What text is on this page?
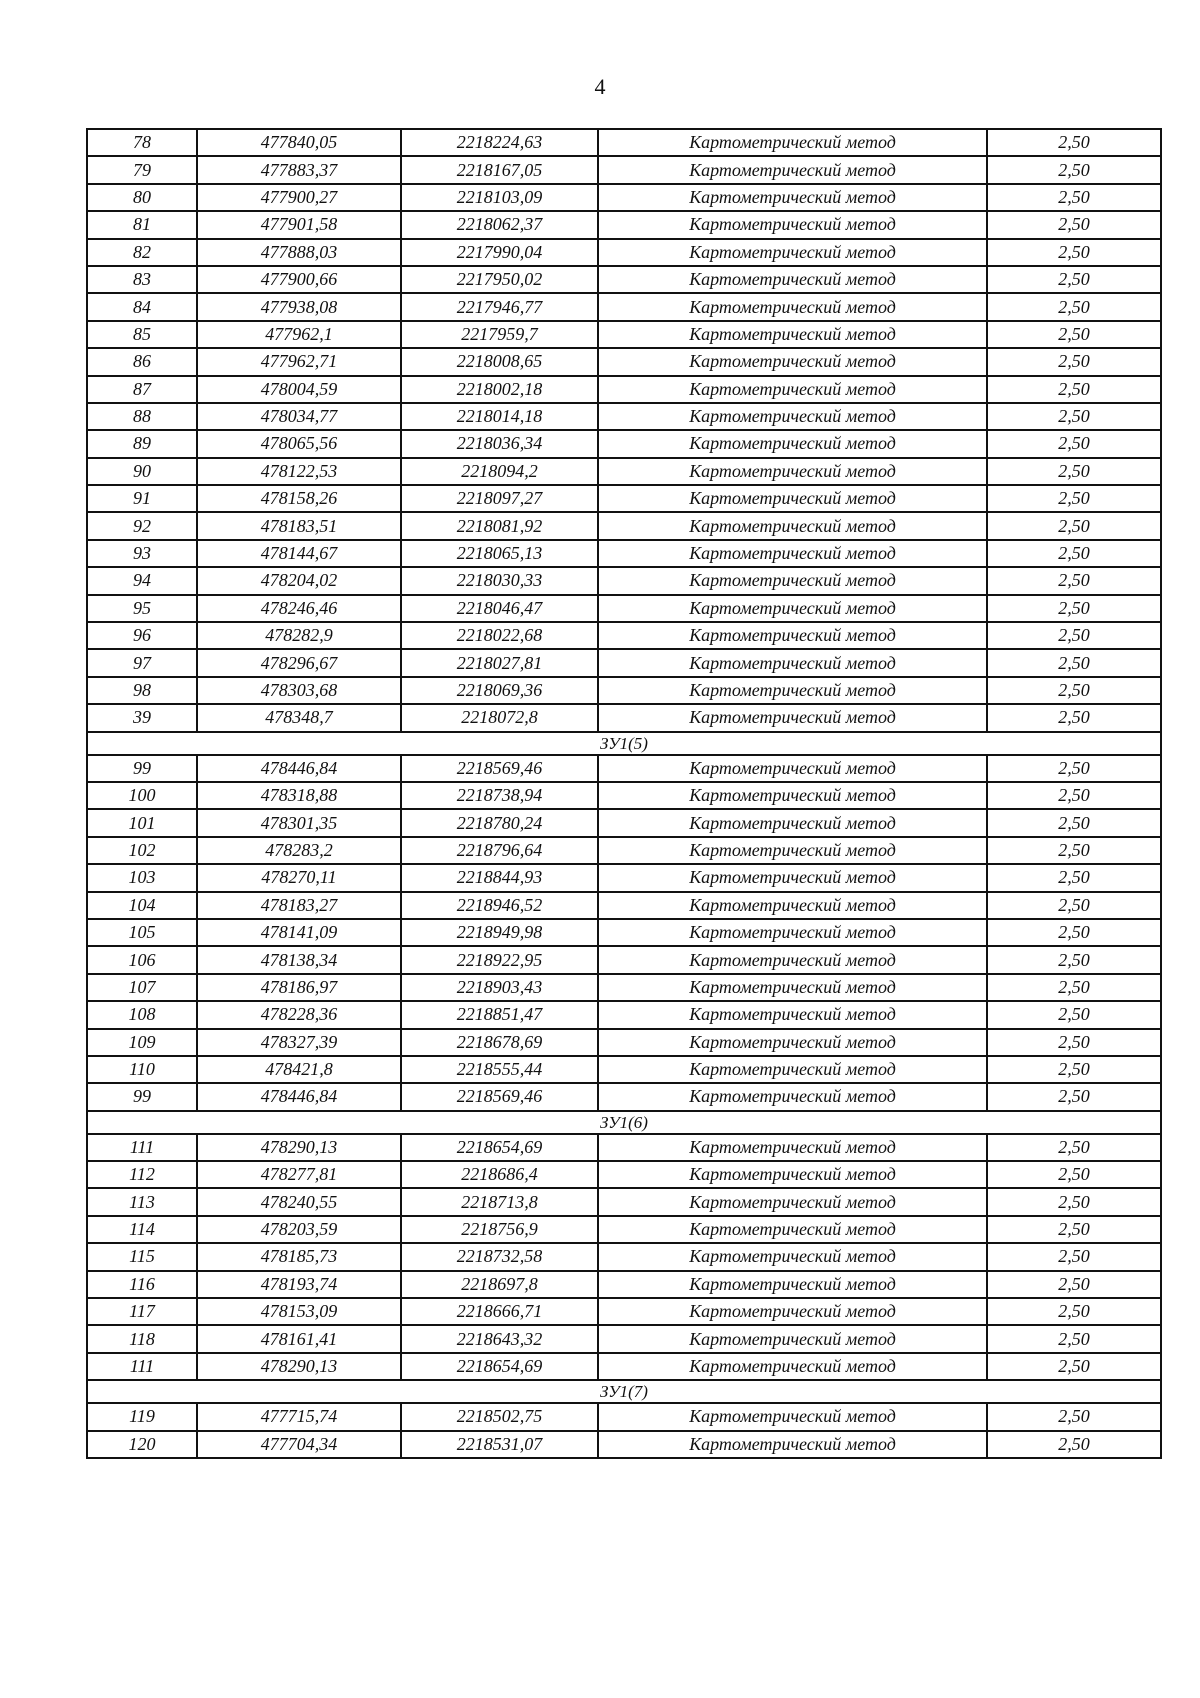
4
78	477840,05	2218224,63	Картометрический метод	2,50
79	477883,37	2218167,05	Картометрический метод	2,50
80	477900,27	2218103,09	Картометрический метод	2,50
81	477901,58	2218062,37	Картометрический метод	2,50
82	477888,03	2217990,04	Картометрический метод	2,50
83	477900,66	2217950,02	Картометрический метод	2,50
84	477938,08	2217946,77	Картометрический метод	2,50
85	477962,1	2217959,7	Картометрический метод	2,50
86	477962,71	2218008,65	Картометрический метод	2,50
87	478004,59	2218002,18	Картометрический метод	2,50
88	478034,77	2218014,18	Картометрический метод	2,50
89	478065,56	2218036,34	Картометрический метод	2,50
90	478122,53	2218094,2	Картометрический метод	2,50
91	478158,26	2218097,27	Картометрический метод	2,50
92	478183,51	2218081,92	Картометрический метод	2,50
93	478144,67	2218065,13	Картометрический метод	2,50
94	478204,02	2218030,33	Картометрический метод	2,50
95	478246,46	2218046,47	Картометрический метод	2,50
96	478282,9	2218022,68	Картометрический метод	2,50
97	478296,67	2218027,81	Картометрический метод	2,50
98	478303,68	2218069,36	Картометрический метод	2,50
39	478348,7	2218072,8	Картометрический метод	2,50
ЗУ1(5)				
99	478446,84	2218569,46	Картометрический метод	2,50
100	478318,88	2218738,94	Картометрический метод	2,50
101	478301,35	2218780,24	Картометрический метод	2,50
102	478283,2	2218796,64	Картометрический метод	2,50
103	478270,11	2218844,93	Картометрический метод	2,50
104	478183,27	2218946,52	Картометрический метод	2,50
105	478141,09	2218949,98	Картометрический метод	2,50
106	478138,34	2218922,95	Картометрический метод	2,50
107	478186,97	2218903,43	Картометрический метод	2,50
108	478228,36	2218851,47	Картометрический метод	2,50
109	478327,39	2218678,69	Картометрический метод	2,50
110	478421,8	2218555,44	Картометрический метод	2,50
99	478446,84	2218569,46	Картометрический метод	2,50
ЗУ1(6)				
111	478290,13	2218654,69	Картометрический метод	2,50
112	478277,81	2218686,4	Картометрический метод	2,50
113	478240,55	2218713,8	Картометрический метод	2,50
114	478203,59	2218756,9	Картометрический метод	2,50
115	478185,73	2218732,58	Картометрический метод	2,50
116	478193,74	2218697,8	Картометрический метод	2,50
117	478153,09	2218666,71	Картометрический метод	2,50
118	478161,41	2218643,32	Картометрический метод	2,50
111	478290,13	2218654,69	Картометрический метод	2,50
ЗУ1(7)				
119	477715,74	2218502,75	Картометрический метод	2,50
120	477704,34	2218531,07	Картометрический метод	2,50
